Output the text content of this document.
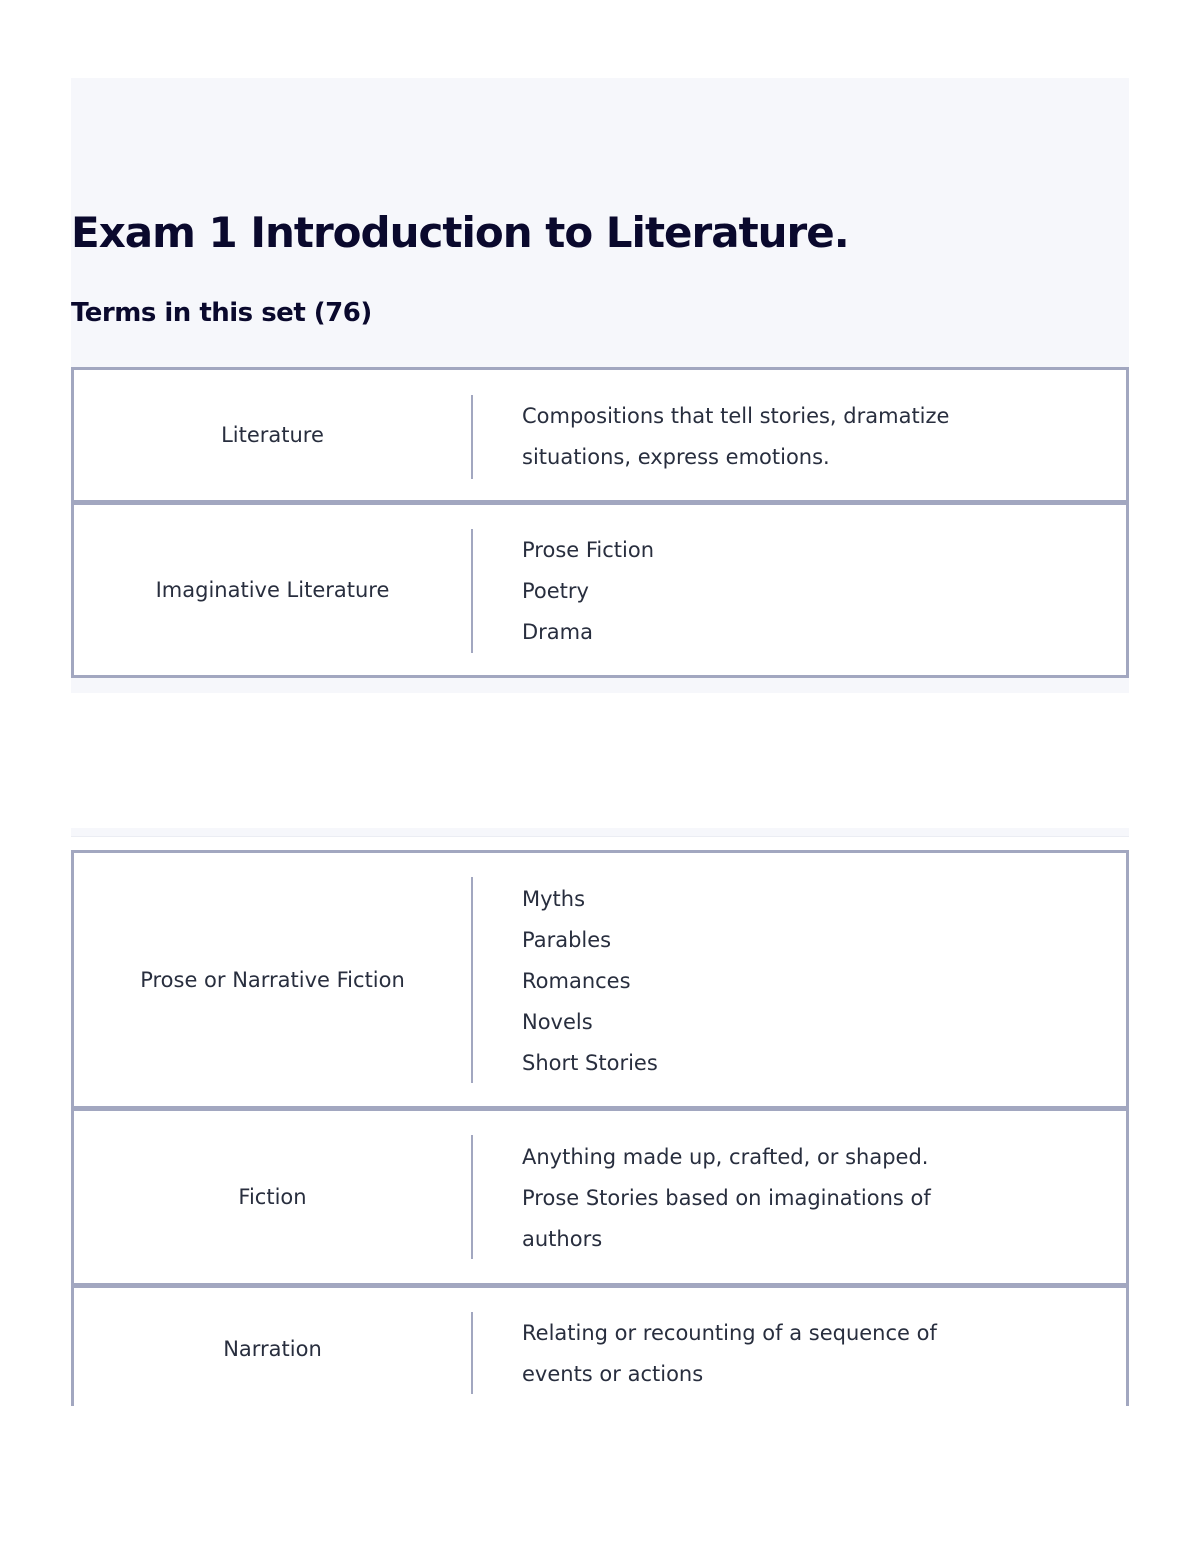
Exam 1 Introduction to Literature.
Terms in this set (76)
Literature
Compositions that tell stories, dramatize
situations, express emotions.
Imaginative Literature
Prose Fiction
Poetry
Drama
Prose or Narrative Fiction
Myths
Parables
Romances
Novels
Short Stories
Fiction
Anything made up, crafted, or shaped.
Prose Stories based on imaginations of
authors
Narration
Relating or recounting of a sequence of
events or actions
